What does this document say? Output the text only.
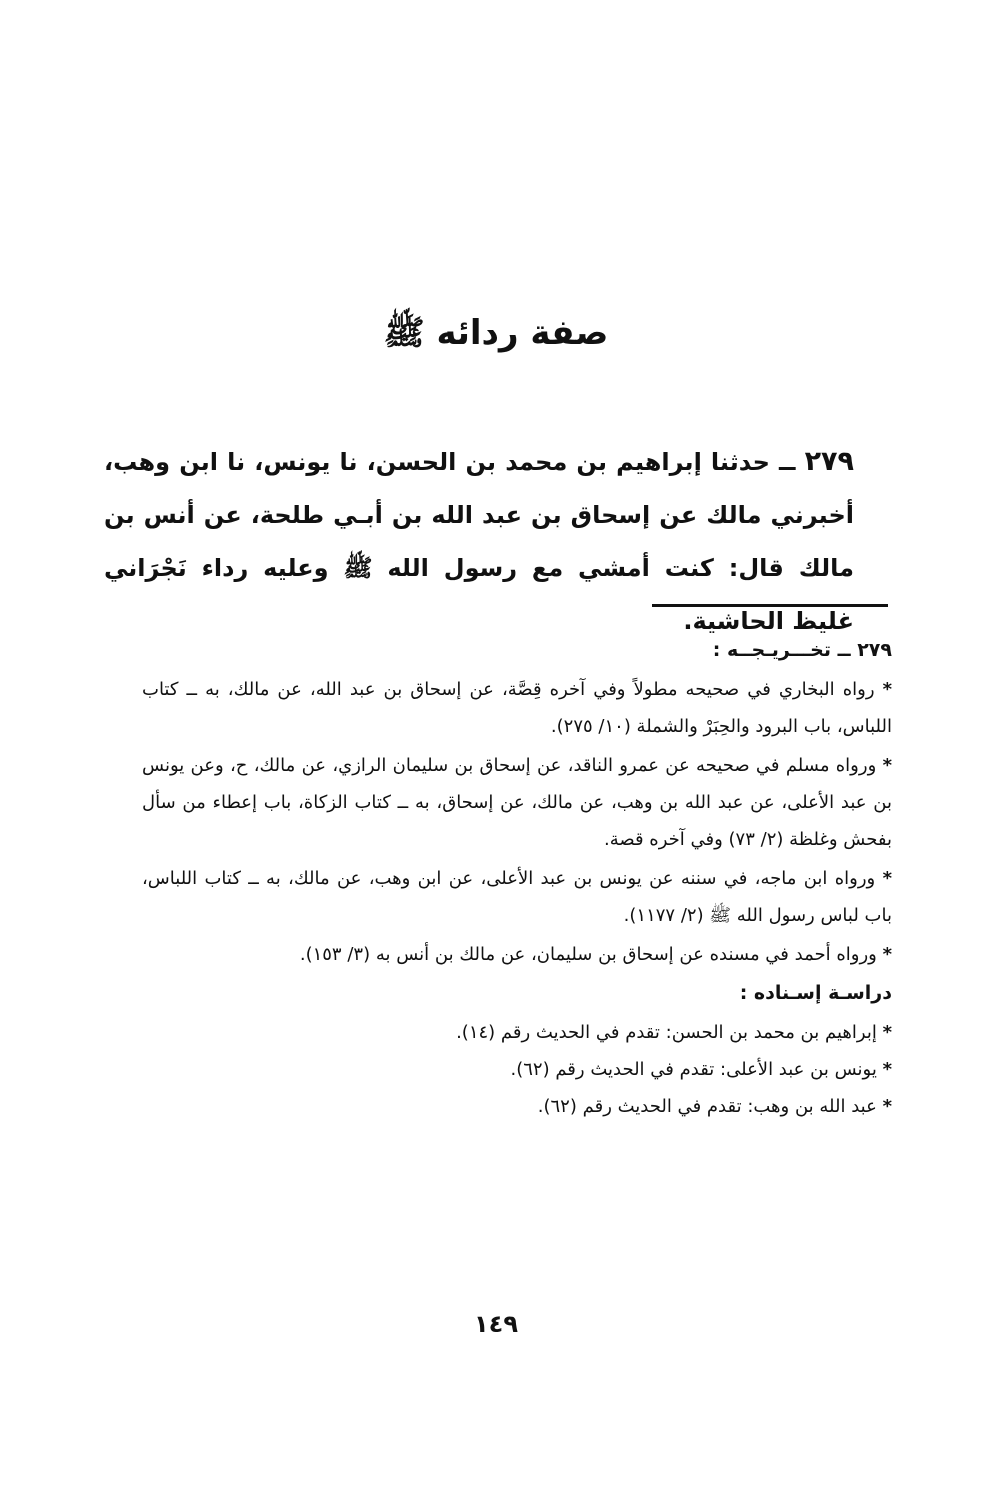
صفة ردائه ﷺ
٢٧٩ ــ حدثنا إبراهيم بن محمد بن الحسن، نا يونس، نا ابن وهب، أخبرني مالك عن إسحاق بن عبد الله بن أبـي طلحة، عن أنس بن مالك قال: كنت أمشي مع رسول الله ﷺ وعليه رداء نَجْرَاني غليظ الحاشية.

٢٧٩ ــ تخـــريـجــه :

* رواه البخاري في صحيحه مطولاً وفي آخره قِصَّة، عن إسحاق بن عبد الله، عن مالك، به ــ كتاب اللباس، باب البرود والحِبَرْ والشملة (١٠/ ٢٧٥).

* ورواه مسلم في صحيحه عن عمرو الناقد، عن إسحاق بن سليمان الرازي، عن مالك، ح، وعن يونس بن عبد الأعلى، عن عبد الله بن وهب، عن مالك، عن إسحاق، به ــ كتاب الزكاة، باب إعطاء من سأل بفحش وغلظة (٢/ ٧٣) وفي آخره قصة.

* ورواه ابن ماجه، في سننه عن يونس بن عبد الأعلى، عن ابن وهب، عن مالك، به ــ كتاب اللباس، باب لباس رسول الله ﷺ (٢/ ١١٧٧).

* ورواه أحمد في مسنده عن إسحاق بن سليمان، عن مالك بن أنس به (٣/ ١٥٣).

دراسـة إسـناده :

* إبراهيم بن محمد بن الحسن: تقدم في الحديث رقم (١٤).

* يونس بن عبد الأعلى: تقدم في الحديث رقم (٦٢).

* عبد الله بن وهب: تقدم في الحديث رقم (٦٢).

١٤٩
